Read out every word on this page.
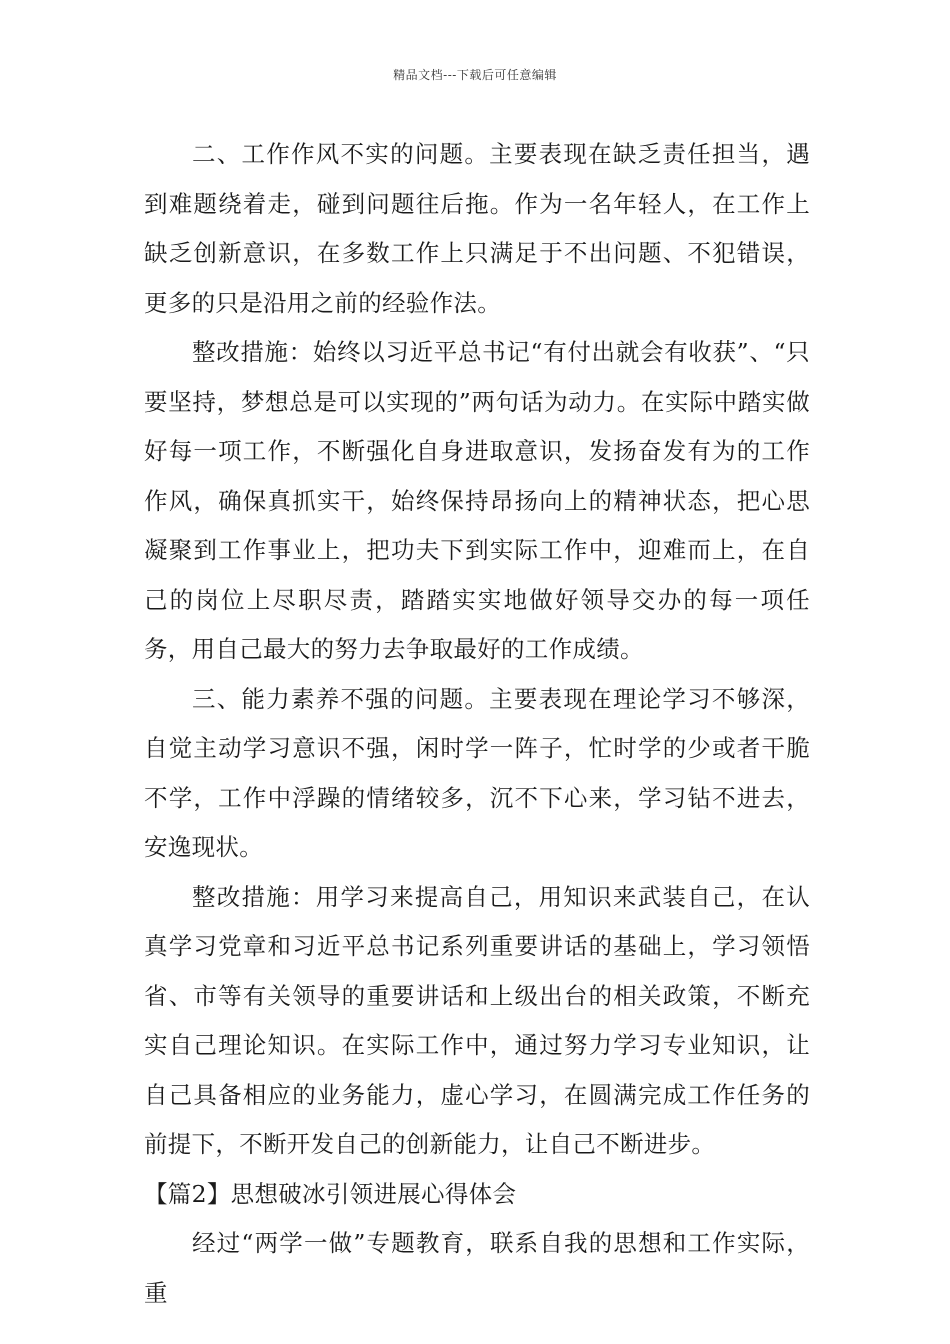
精品文档---下载后可任意编辑

二、工作作风不实的问题。主要表现在缺乏责任担当，遇到难题绕着走，碰到问题往后拖。作为一名年轻人，在工作上缺乏创新意识，在多数工作上只满足于不出问题、不犯错误，更多的只是沿用之前的经验作法。

整改措施：始终以习近平总书记“有付出就会有收获”、“只要坚持，梦想总是可以实现的”两句话为动力。在实际中踏实做好每一项工作，不断强化自身进取意识，发扬奋发有为的工作作风，确保真抓实干，始终保持昂扬向上的精神状态，把心思凝聚到工作事业上，把功夫下到实际工作中，迎难而上，在自己的岗位上尽职尽责，踏踏实实地做好领导交办的每一项任务，用自己最大的努力去争取最好的工作成绩。

三、能力素养不强的问题。主要表现在理论学习不够深，自觉主动学习意识不强，闲时学一阵子，忙时学的少或者干脆不学，工作中浮躁的情绪较多，沉不下心来，学习钻不进去，安逸现状。

整改措施：用学习来提高自己，用知识来武装自己，在认真学习党章和习近平总书记系列重要讲话的基础上，学习领悟省、市等有关领导的重要讲话和上级出台的相关政策，不断充实自己理论知识。在实际工作中，通过努力学习专业知识，让自己具备相应的业务能力，虚心学习，在圆满完成工作任务的前提下，不断开发自己的创新能力，让自己不断进步。

【篇2】思想破冰引领进展心得体会

经过“两学一做”专题教育，联系自我的思想和工作实际，重
